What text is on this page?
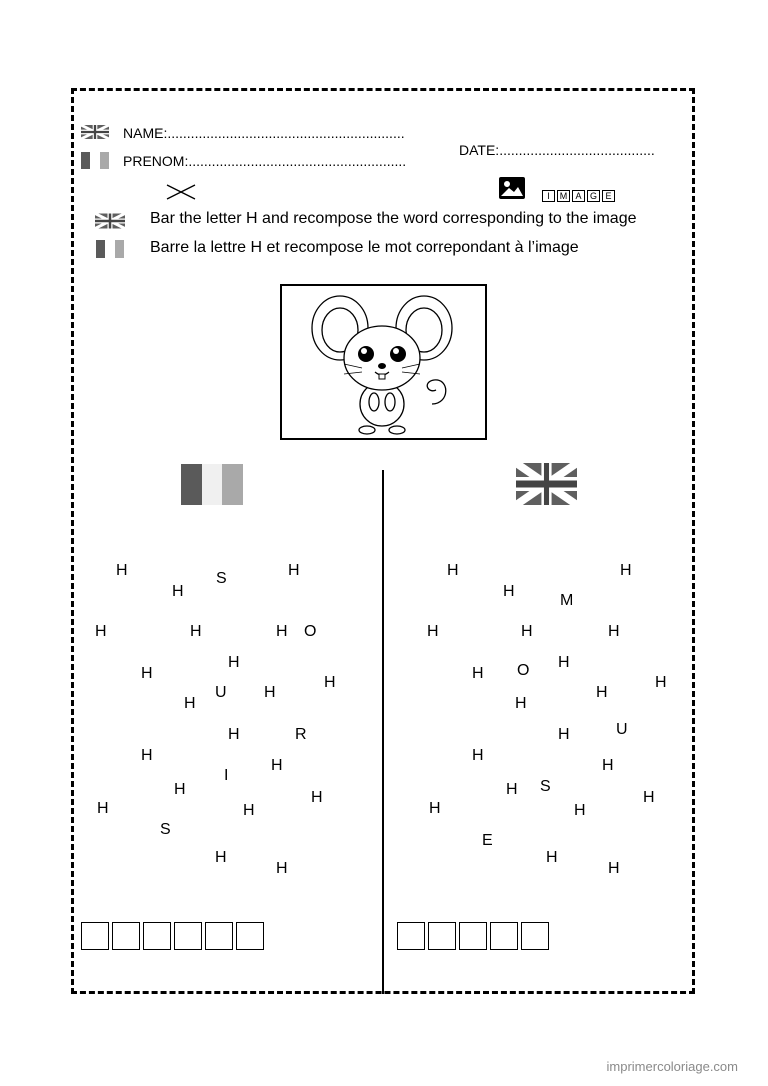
NAME:.............................................................
PRENOM:........................................................
DATE:........................................
I M A G E
Bar the letter H and recompose the word corresponding to the image
Barre la lettre H et recompose le mot correpondant à l’image
H	S	H
H
H	H	H O
H
H
H
U H
H
H	R
H
H
I
H	H
H	H
S
H
H
H	H
H
M
H	H	H
H
O
H
H
H
H
U
H
H
H
S
H	H
H	H
E
H
H
imprimercoloriage.com
